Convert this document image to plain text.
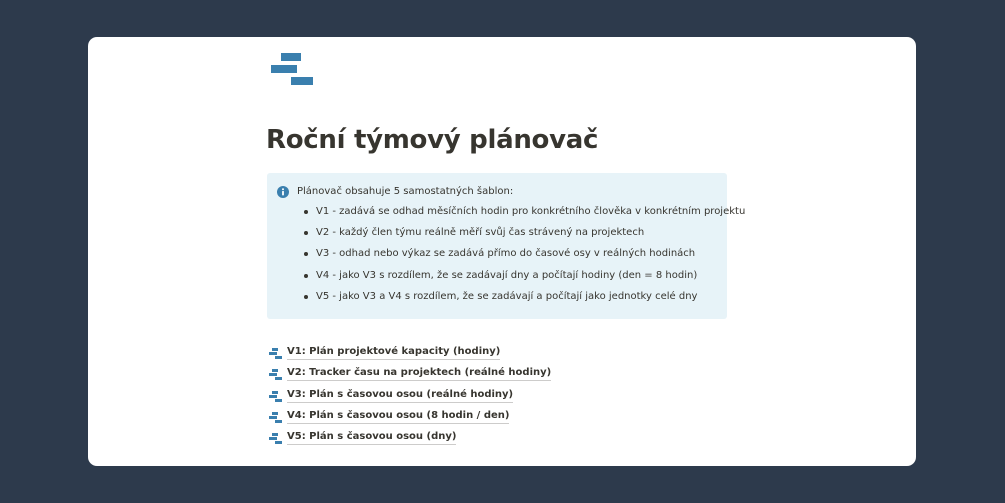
Roční týmový plánovač
Plánovač obsahuje 5 samostatných šablon:
V1 - zadává se odhad měsíčních hodin pro konkrétního člověka v konkrétním projektu
V2 - každý člen týmu reálně měří svůj čas strávený na projektech
V3 - odhad nebo výkaz se zadává přímo do časové osy v reálných hodinách
V4 - jako V3 s rozdílem, že se zadávají dny a počítají hodiny (den = 8 hodin)
V5 - jako V3 a V4 s rozdílem, že se zadávají a počítají jako jednotky celé dny
V1: Plán projektové kapacity (hodiny)
V2: Tracker času na projektech (reálné hodiny)
V3: Plán s časovou osou (reálné hodiny)
V4: Plán s časovou osou (8 hodin / den)
V5: Plán s časovou osou (dny)
